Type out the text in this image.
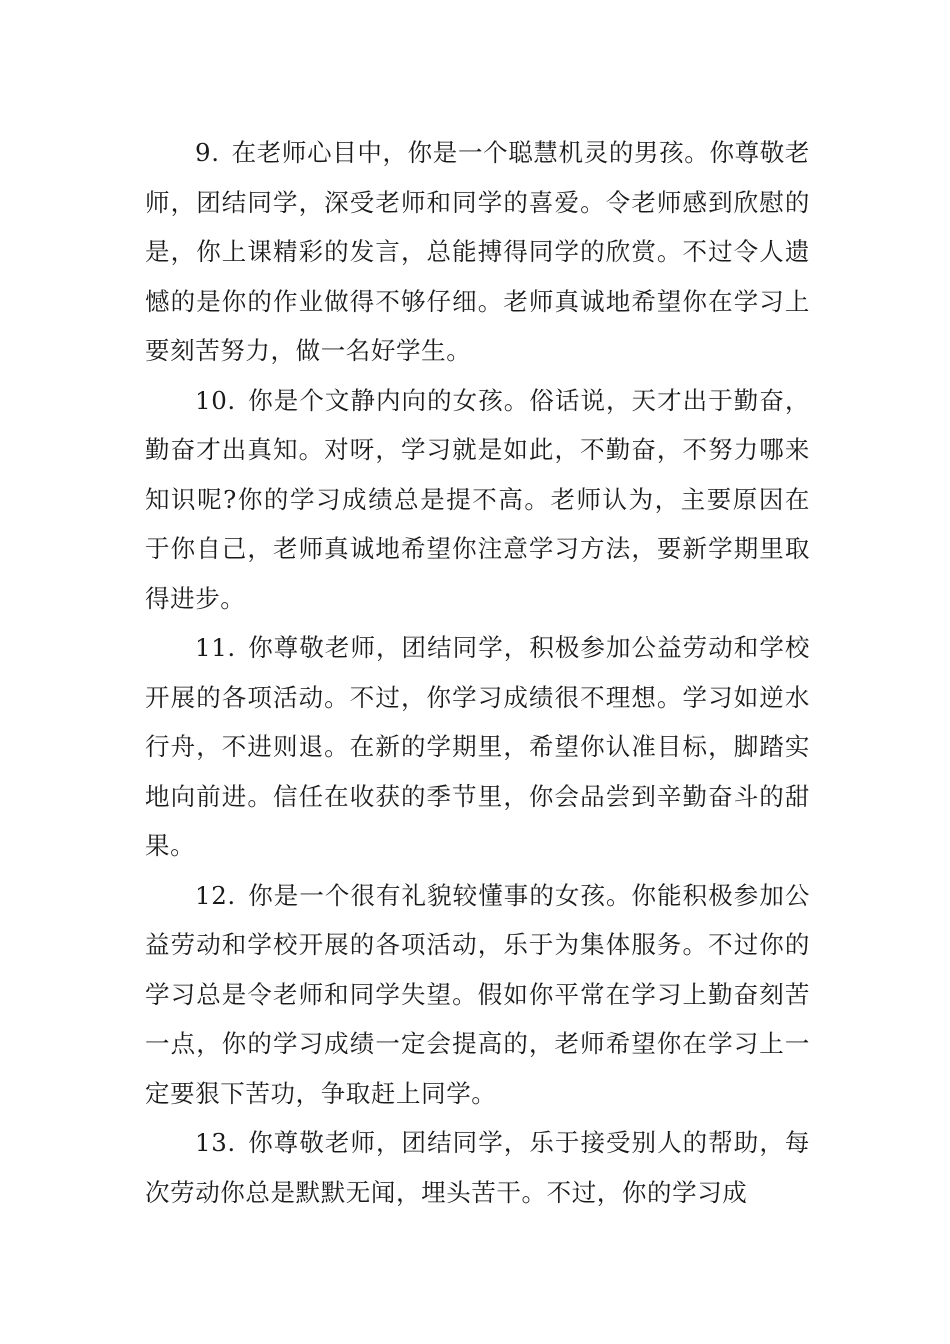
9. 在老师心目中，你是一个聪慧机灵的男孩。你尊敬老师，团结同学，深受老师和同学的喜爱。令老师感到欣慰的是，你上课精彩的发言，总能搏得同学的欣赏。不过令人遗憾的是你的作业做得不够仔细。老师真诚地希望你在学习上要刻苦努力，做一名好学生。

10. 你是个文静内向的女孩。俗话说，天才出于勤奋，勤奋才出真知。对呀，学习就是如此，不勤奋，不努力哪来知识呢?你的学习成绩总是提不高。老师认为，主要原因在于你自己，老师真诚地希望你注意学习方法，要新学期里取得进步。

11. 你尊敬老师，团结同学，积极参加公益劳动和学校开展的各项活动。不过，你学习成绩很不理想。学习如逆水行舟，不进则退。在新的学期里，希望你认准目标，脚踏实地向前进。信任在收获的季节里，你会品尝到辛勤奋斗的甜果。

12. 你是一个很有礼貌较懂事的女孩。你能积极参加公益劳动和学校开展的各项活动，乐于为集体服务。不过你的学习总是令老师和同学失望。假如你平常在学习上勤奋刻苦一点，你的学习成绩一定会提高的，老师希望你在学习上一定要狠下苦功，争取赶上同学。

13. 你尊敬老师，团结同学，乐于接受别人的帮助，每次劳动你总是默默无闻，埋头苦干。不过，你的学习成
